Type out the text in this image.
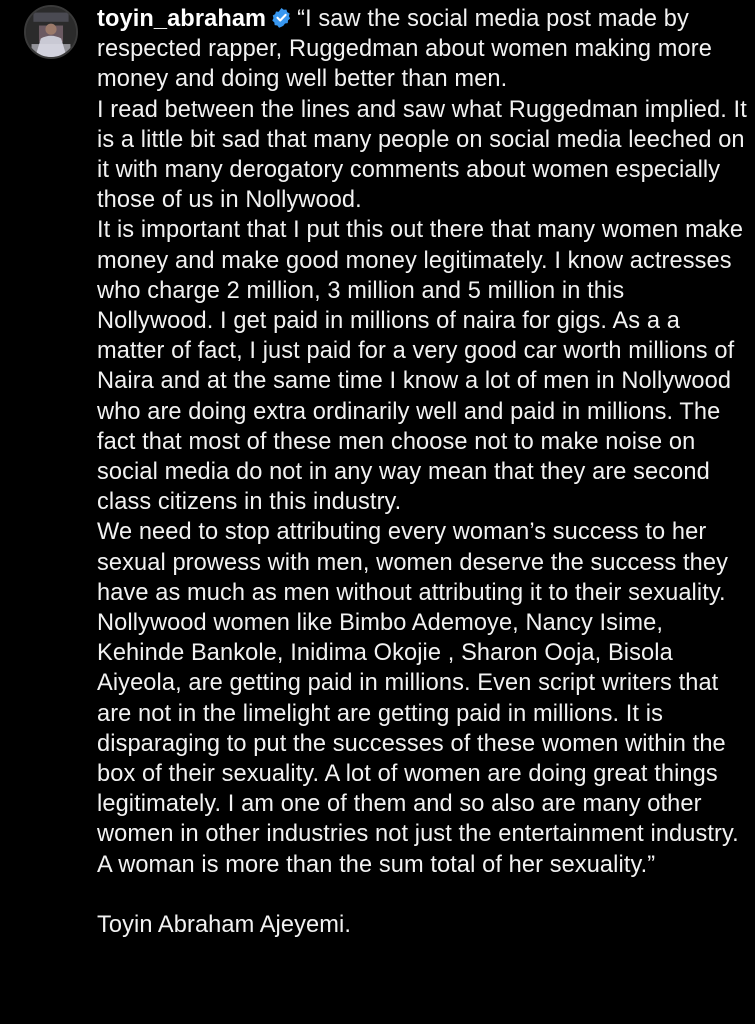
toyin_abraham “I saw the social media post made by respected rapper, Ruggedman about women making more money and doing well better than men.

I read between the lines and saw what Ruggedman implied. It is a little bit sad that many people on social media leeched on it with many derogatory comments about women especially those of us in Nollywood.

It is important that I put this out there that many women make money and make good money legitimately. I know actresses who charge 2 million, 3 million and 5 million in this Nollywood. I get paid in millions of naira for gigs. As a a matter of fact, I just paid for a very good car worth millions of Naira and at the same time I know a lot of men in Nollywood who are doing extra ordinarily well and paid in millions. The fact that most of these men choose not to make noise on social media do not in any way mean that they are second class citizens in this industry.

We need to stop attributing every woman’s success to her sexual prowess with men, women deserve the success they have as much as men without attributing it to their sexuality. Nollywood women like Bimbo Ademoye, Nancy Isime, Kehinde Bankole, Inidima Okojie , Sharon Ooja, Bisola Aiyeola, are getting paid in millions. Even script writers that are not in the limelight are getting paid in millions. It is disparaging to put the successes of these women within the box of their sexuality. A lot of women are doing great things legitimately. I am one of them and so also are many other women in other industries not just the entertainment industry.

A woman is more than the sum total of her sexuality.”

Toyin Abraham Ajeyemi.
